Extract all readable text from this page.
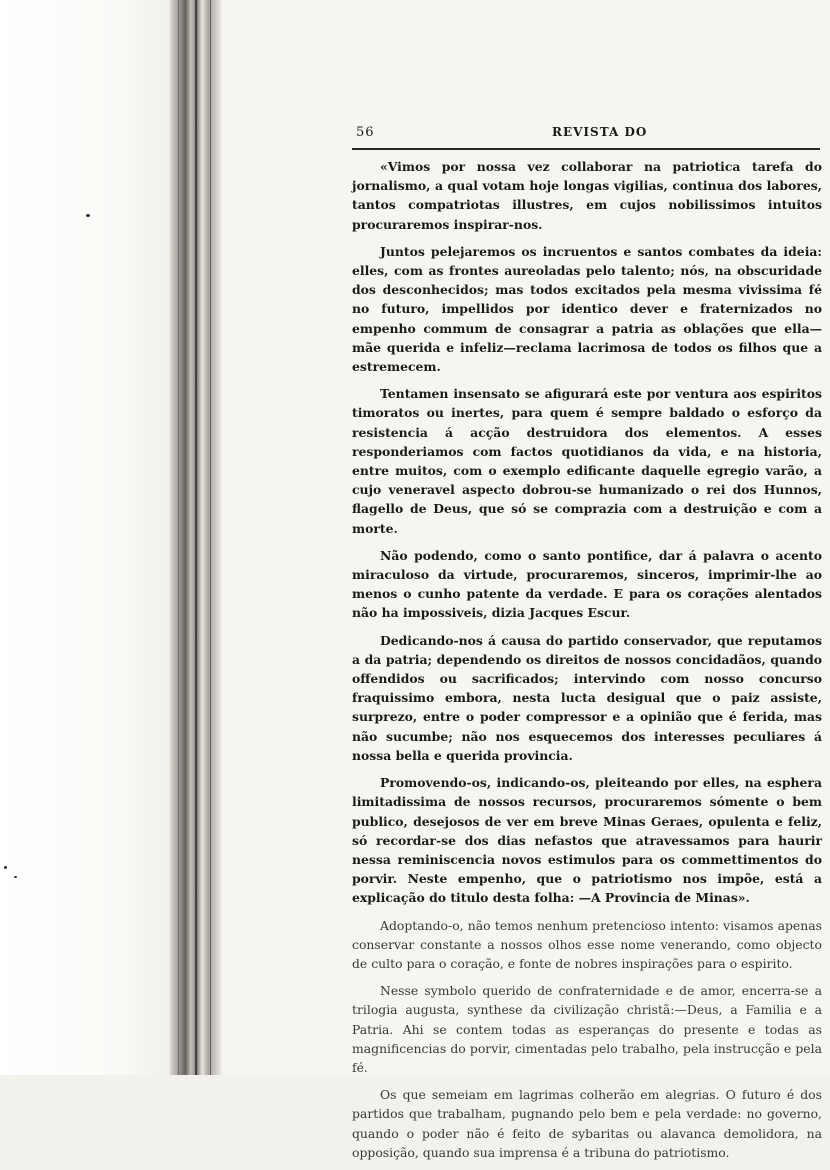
56	REVISTA DO

«Vimos por nossa vez collaborar na patriotica tarefa do jornalismo, a qual votam hoje longas vigilias, continua dos labores, tantos compatriotas illustres, em cujos nobilissimos intuitos procuraremos inspirar-nos.

Juntos pelejaremos os incruentos e santos combates da ideia: elles, com as frontes aureoladas pelo talento; nós, na obscuridade dos desconhecidos; mas todos excitados pela mesma vivissima fé no futuro, impellidos por identico dever e fraternizados no empenho commum de consagrar a patria as oblações que ella—mãe querida e infeliz—reclama lacrimosa de todos os filhos que a estremecem.

Tentamen insensato se afigurará este por ventura aos espiritos timoratos ou inertes, para quem é sempre baldado o esforço da resistencia á acção destruidora dos elementos. A esses responderiamos com factos quotidianos da vida, e na historia, entre muitos, com o exemplo edificante daquelle egregio varão, a cujo veneravel aspecto dobrou-se humanizado o rei dos Hunnos, flagello de Deus, que só se comprazia com a destruição e com a morte.

Não podendo, como o santo pontifice, dar á palavra o acento miraculoso da virtude, procuraremos, sinceros, imprimir-lhe ao menos o cunho patente da verdade. E para os corações alentados não ha impossiveis, dizia Jacques Escur.

Dedicando-nos á causa do partido conservador, que reputamos a da patria; dependendo os direitos de nossos concidadãos, quando offendidos ou sacrificados; intervindo com nosso concurso fraquissimo embora, nesta lucta desigual que o paiz assiste, surprezo, entre o poder compressor e a opinião que é ferida, mas não sucumbe; não nos esquecemos dos interesses peculiares á nossa bella e querida provincia.

Promovendo-os, indicando-os, pleiteando por elles, na esphera limitadissima de nossos recursos, procuraremos sómente o bem publico, desejosos de ver em breve Minas Geraes, opulenta e feliz, só recordar-se dos dias nefastos que atravessamos para haurir nessa reminiscencia novos estimulos para os commettimentos do porvir. Neste empenho, que o patriotismo nos impõe, está a explicação do titulo desta folha: —A Provincia de Minas».

Adoptando-o, não temos nenhum pretencioso intento: visamos apenas conservar constante a nossos olhos esse nome venerando, como objecto de culto para o coração, e fonte de nobres inspirações para o espirito.

Nesse symbolo querido de confraternidade e de amor, encerra-se a trilogia augusta, synthese da civilização christã:—Deus, a Familia e a Patria. Ahi se contem todas as esperanças do presente e todas as magnificencias do porvir, cimentadas pelo trabalho, pela instrucção e pela fé.

Os que semeiam em lagrimas colherão em alegrias. O futuro é dos partidos que trabalham, pugnando pelo bem e pela verdade: no governo, quando o poder não é feito de sybaritas ou alavanca demolidora, na opposição, quando sua imprensa é a tribuna do patriotismo.
